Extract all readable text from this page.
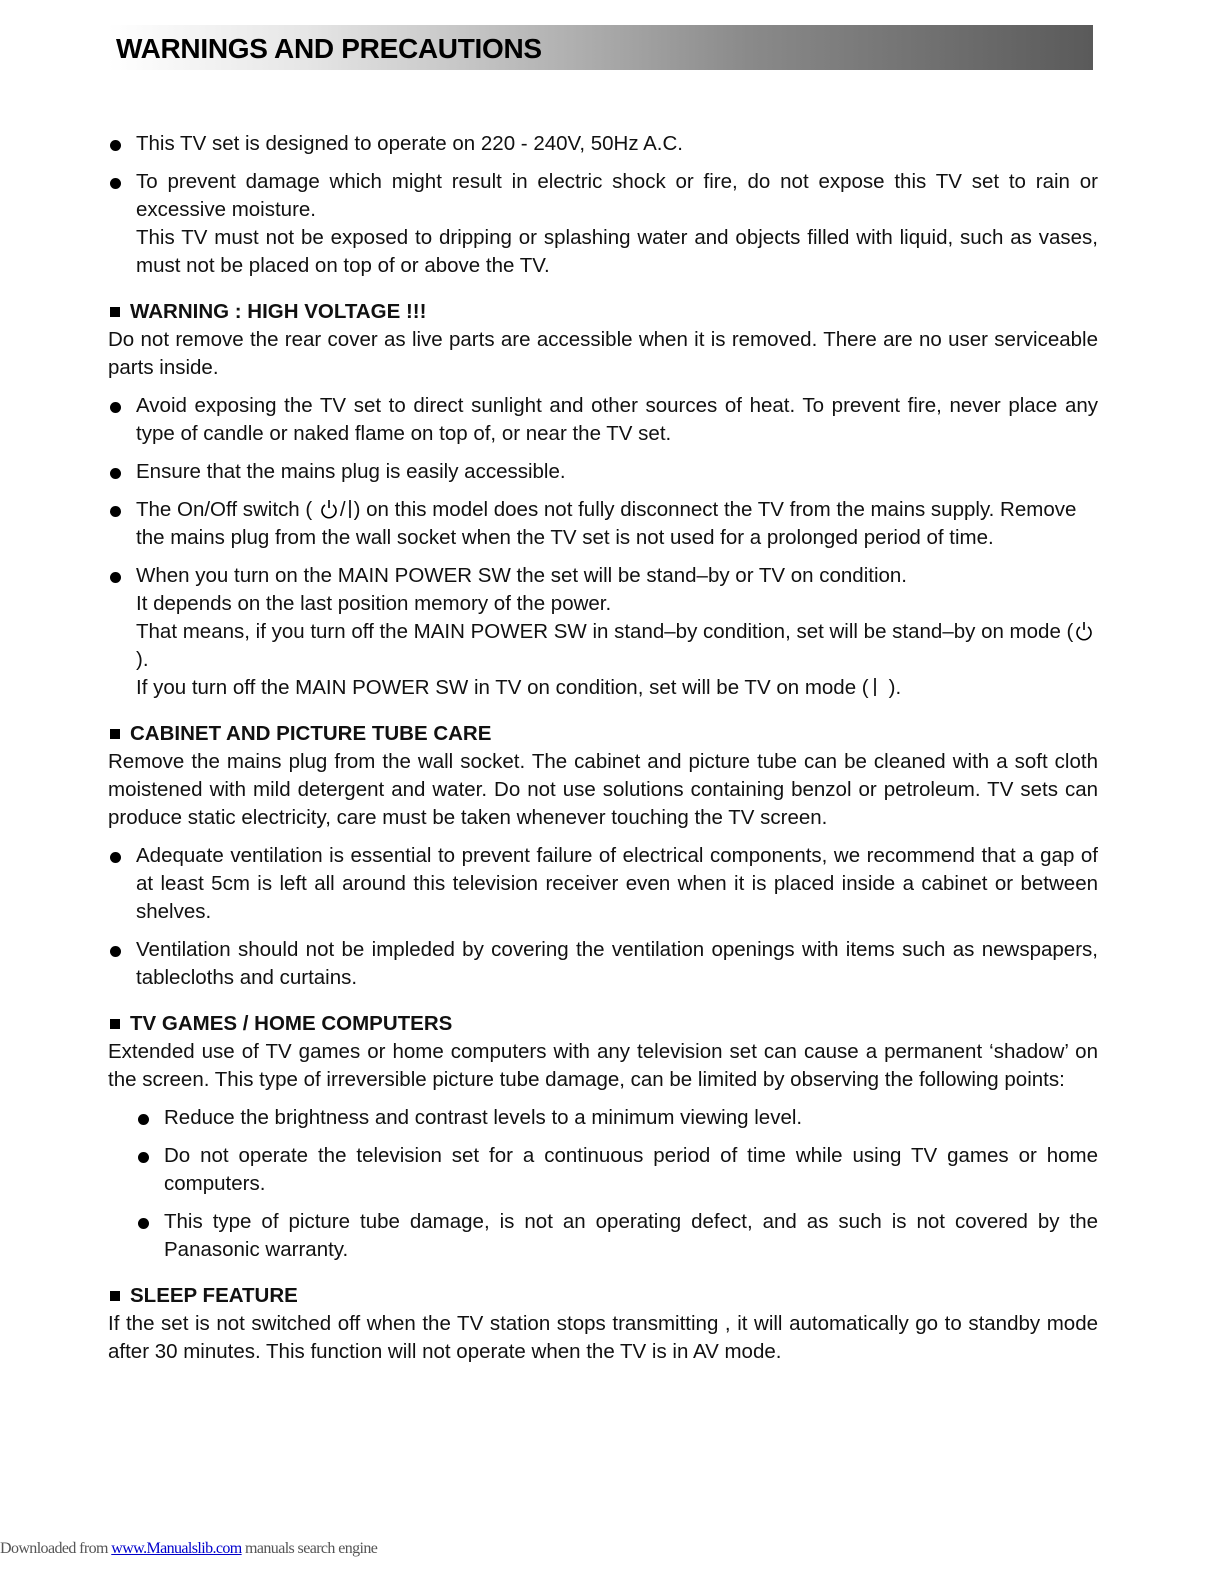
WARNINGS AND PRECAUTIONS
This TV set is designed to operate on 220 - 240V, 50Hz A.C.
To prevent damage which might result in electric shock or fire, do not expose this TV set to rain or excessive moisture.
This TV must not be exposed to dripping or splashing water and objects filled with liquid, such as vases, must not be placed on top of or above the TV.
WARNING : HIGH VOLTAGE !!!
Do not remove the rear cover as live parts are accessible when it is removed. There are no user serviceable parts inside.
Avoid exposing the TV set to direct sunlight and other sources of heat. To prevent fire, never place any type of candle or naked flame on top of, or near the TV set.
Ensure that the mains plug is easily accessible.
The On/Off switch ( / ) on this model does not fully disconnect the TV from the mains supply. Remove the mains plug from the wall socket when the TV set is not used for a prolonged period of time.
When you turn on the MAIN POWER SW the set will be stand–by or TV on condition.
It depends on the last position memory of the power.
That means, if you turn off the MAIN POWER SW in stand–by condition, set will be stand–by on mode ().
If you turn off the MAIN POWER SW in TV on condition, set will be TV on mode ( ).
CABINET AND PICTURE TUBE CARE
Remove the mains plug from the wall socket. The cabinet and picture tube can be cleaned with a soft cloth moistened with mild detergent and water. Do not use solutions containing benzol or petroleum. TV sets can produce static electricity, care must be taken whenever touching the TV screen.
Adequate ventilation is essential to prevent failure of electrical components, we recommend that a gap of at least 5cm is left all around this television receiver even when it is placed inside a cabinet or between shelves.
Ventilation should not be impleded by covering the ventilation openings with items such as newspapers, tablecloths and curtains.
TV GAMES / HOME COMPUTERS
Extended use of TV games or home computers with any television set can cause a permanent ‘shadow’ on the screen. This type of irreversible picture tube damage, can be limited by observing the following points:
Reduce the brightness and contrast levels to a minimum viewing level.
Do not operate the television set for a continuous period of time while using TV games or home computers.
This type of picture tube damage, is not an operating defect, and as such is not covered by the Panasonic warranty.
SLEEP FEATURE
If the set is not switched off when the TV station stops transmitting , it will automatically go to standby mode after 30 minutes. This function will not operate when the TV is in AV mode.
Downloaded from www.Manualslib.com manuals search engine
